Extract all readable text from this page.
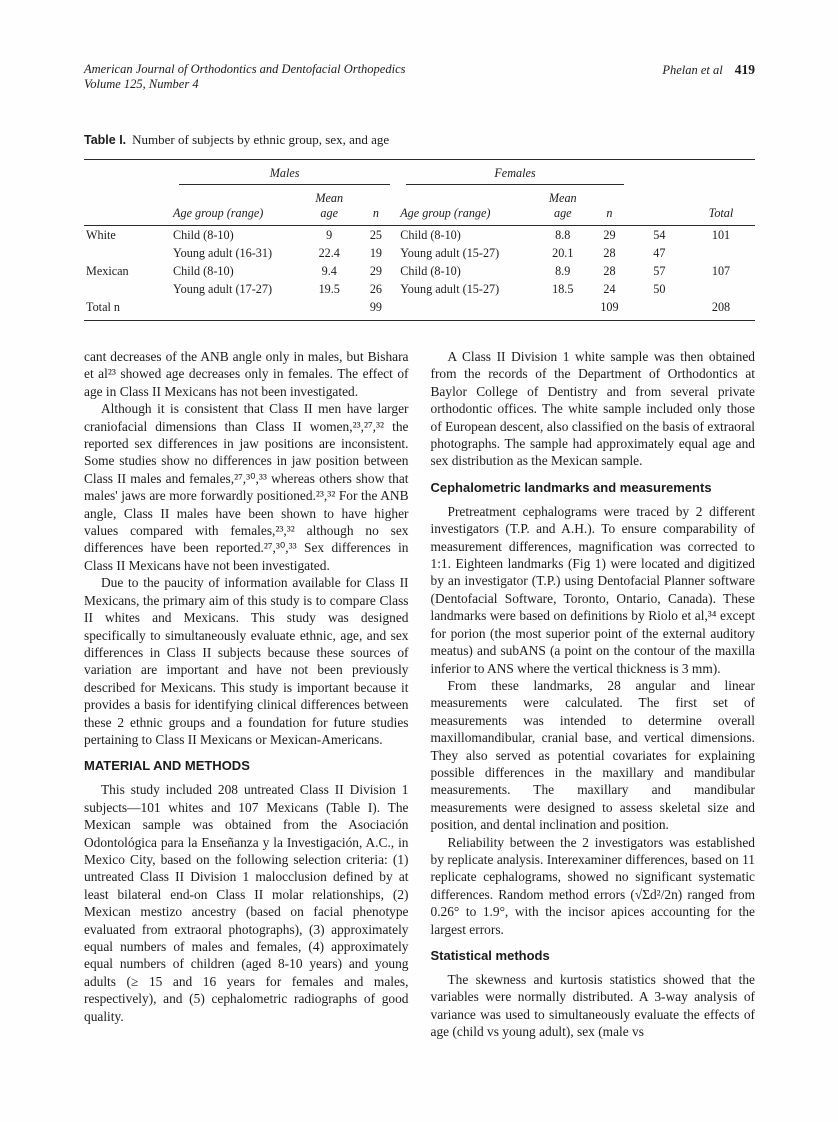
American Journal of Orthodontics and Dentofacial Orthopedics
Volume 125, Number 4
Phelan et al 419
Table I. Number of subjects by ethnic group, sex, and age

	Males			Females				

	Age group (range)	Mean age	n	Age group (range)	Mean age	n		Total
White	Child (8-10)	9	25	Child (8-10)	8.8	29	54	101
	Young adult (16-31)	22.4	19	Young adult (15-27)	20.1	28	47	
Mexican	Child (8-10)	9.4	29	Child (8-10)	8.9	28	57	107
	Young adult (17-27)	19.5	26	Young adult (15-27)	18.5	24	50	
Total n			99			109		208

cant decreases of the ANB angle only in males, but Bishara et al²³ showed age decreases only in females. The effect of age in Class II Mexicans has not been investigated.

Although it is consistent that Class II men have larger craniofacial dimensions than Class II women,²³,²⁷,³² the reported sex differences in jaw positions are inconsistent. Some studies show no differences in jaw position between Class II males and females,²⁷,³⁰,³³ whereas others show that males' jaws are more forwardly positioned.²³,³² For the ANB angle, Class II males have been shown to have higher values compared with females,²³,³² although no sex differences have been reported.²⁷,³⁰,³³ Sex differences in Class II Mexicans have not been investigated.

Due to the paucity of information available for Class II Mexicans, the primary aim of this study is to compare Class II whites and Mexicans. This study was designed specifically to simultaneously evaluate ethnic, age, and sex differences in Class II subjects because these sources of variation are important and have not been previously described for Mexicans. This study is important because it provides a basis for identifying clinical differences between these 2 ethnic groups and a foundation for future studies pertaining to Class II Mexicans or Mexican-Americans.

MATERIAL AND METHODS

This study included 208 untreated Class II Division 1 subjects—101 whites and 107 Mexicans (Table I). The Mexican sample was obtained from the Asociación Odontológica para la Enseñanza y la Investigación, A.C., in Mexico City, based on the following selection criteria: (1) untreated Class II Division 1 malocclusion defined by at least bilateral end-on Class II molar relationships, (2) Mexican mestizo ancestry (based on facial phenotype evaluated from extraoral photographs), (3) approximately equal numbers of males and females, (4) approximately equal numbers of children (aged 8-10 years) and young adults (≥ 15 and 16 years for females and males, respectively), and (5) cephalometric radiographs of good quality.

A Class II Division 1 white sample was then obtained from the records of the Department of Orthodontics at Baylor College of Dentistry and from several private orthodontic offices. The white sample included only those of European descent, also classified on the basis of extraoral photographs. The sample had approximately equal age and sex distribution as the Mexican sample.

Cephalometric landmarks and measurements

Pretreatment cephalograms were traced by 2 different investigators (T.P. and A.H.). To ensure comparability of measurement differences, magnification was corrected to 1:1. Eighteen landmarks (Fig 1) were located and digitized by an investigator (T.P.) using Dentofacial Planner software (Dentofacial Software, Toronto, Ontario, Canada). These landmarks were based on definitions by Riolo et al,³⁴ except for porion (the most superior point of the external auditory meatus) and subANS (a point on the contour of the maxilla inferior to ANS where the vertical thickness is 3 mm).

From these landmarks, 28 angular and linear measurements were calculated. The first set of measurements was intended to determine overall maxillomandibular, cranial base, and vertical dimensions. They also served as potential covariates for explaining possible differences in the maxillary and mandibular measurements. The maxillary and mandibular measurements were designed to assess skeletal size and position, and dental inclination and position.

Reliability between the 2 investigators was established by replicate analysis. Interexaminer differences, based on 11 replicate cephalograms, showed no significant systematic differences. Random method errors (√Σd²/2n) ranged from 0.26° to 1.9°, with the incisor apices accounting for the largest errors.

Statistical methods

The skewness and kurtosis statistics showed that the variables were normally distributed. A 3-way analysis of variance was used to simultaneously evaluate the effects of age (child vs young adult), sex (male vs
